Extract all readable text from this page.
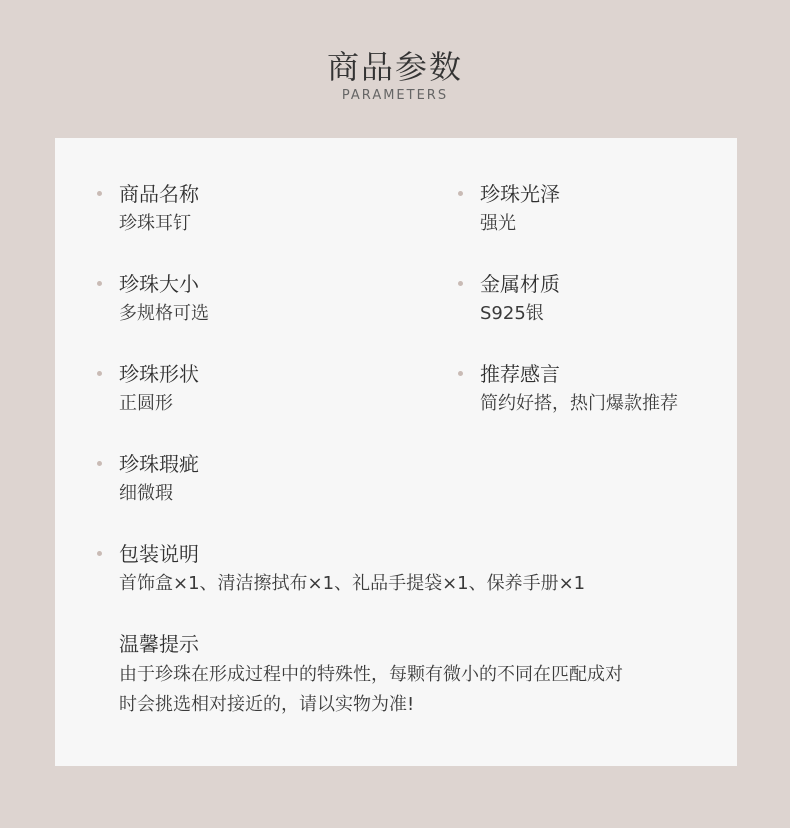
商品参数
PARAMETERS
商品名称
珍珠耳钉
珍珠光泽
强光
珍珠大小
多规格可选
金属材质
S925银
珍珠形状
正圆形
推荐感言
简约好搭，热门爆款推荐
珍珠瑕疵
细微瑕
包装说明
首饰盒×1、清洁擦拭布×1、礼品手提袋×1、保养手册×1
温馨提示
由于珍珠在形成过程中的特殊性，每颗有微小的不同在匹配成对
时会挑选相对接近的，请以实物为准!
